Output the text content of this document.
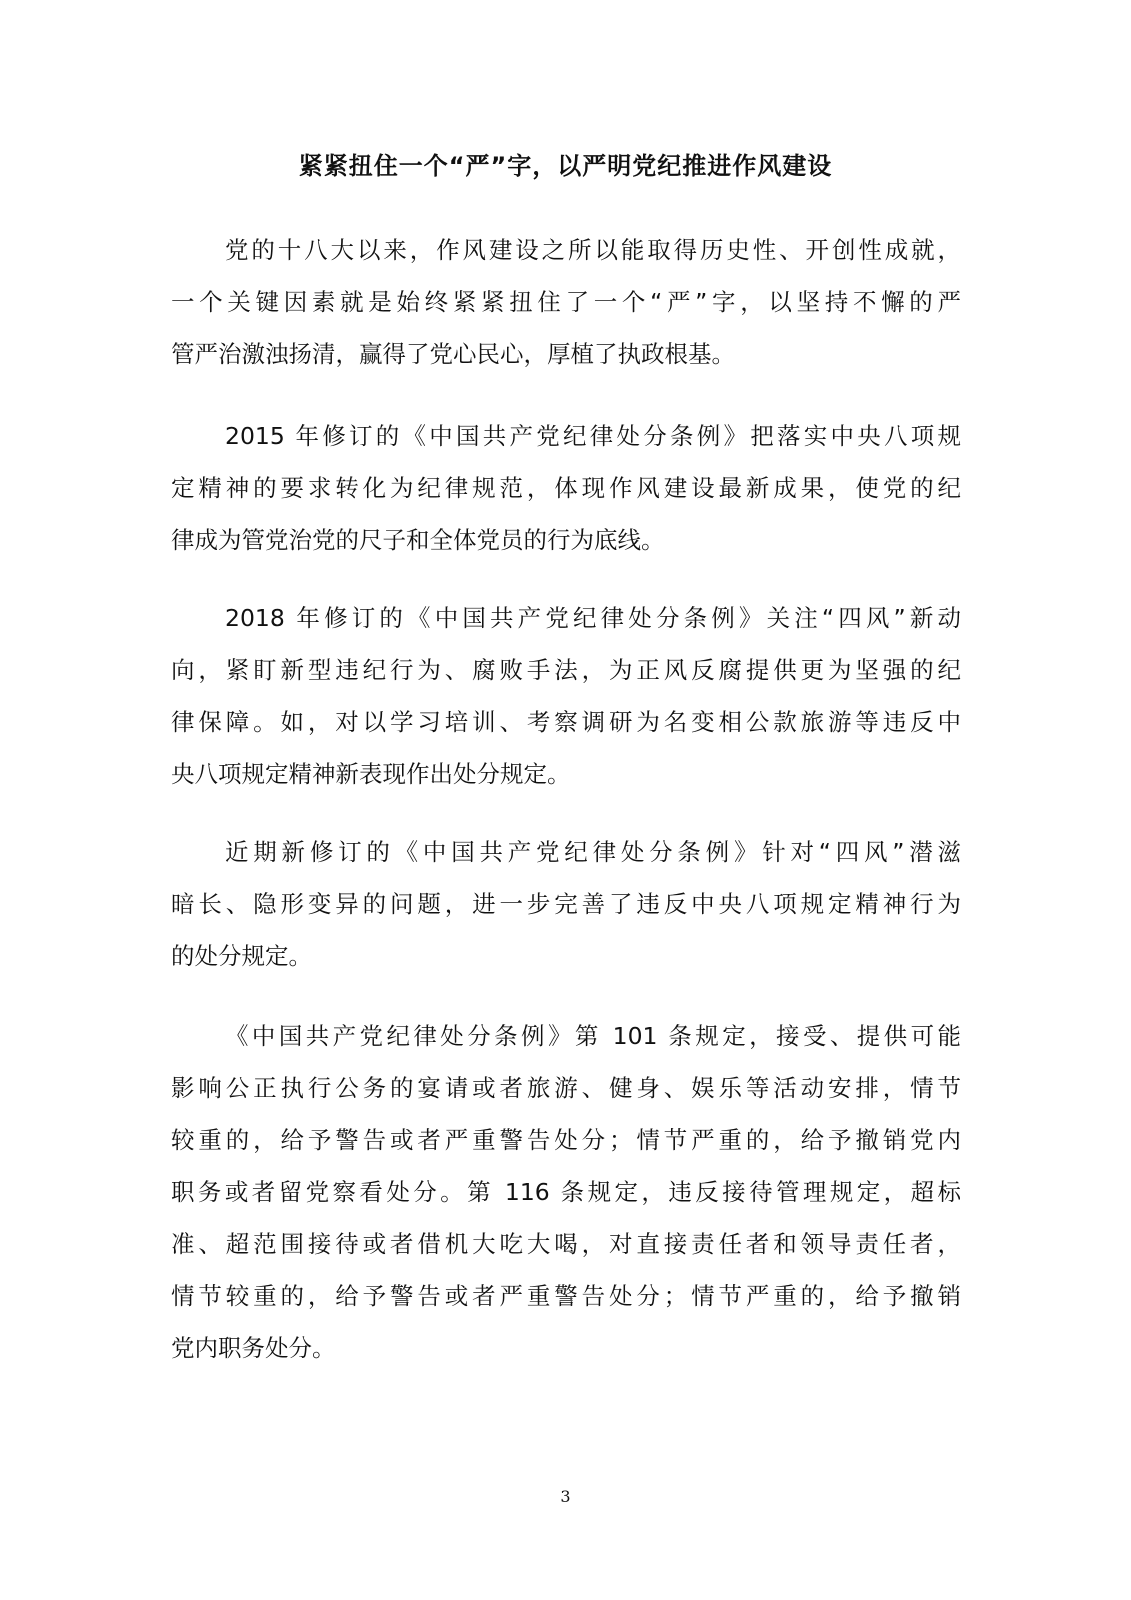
紧紧扭住一个“严”字，以严明党纪推进作风建设
党的十八大以来，作风建设之所以能取得历史性、开创性成就，
一个关键因素就是始终紧紧扭住了一个“严”字，以坚持不懈的严
管严治激浊扬清，赢得了党心民心，厚植了执政根基。
2015 年修订的《中国共产党纪律处分条例》把落实中央八项规
定精神的要求转化为纪律规范，体现作风建设最新成果，使党的纪
律成为管党治党的尺子和全体党员的行为底线。
2018 年修订的《中国共产党纪律处分条例》关注“四风”新动
向，紧盯新型违纪行为、腐败手法，为正风反腐提供更为坚强的纪
律保障。如，对以学习培训、考察调研为名变相公款旅游等违反中
央八项规定精神新表现作出处分规定。
近期新修订的《中国共产党纪律处分条例》针对“四风”潜滋
暗长、隐形变异的问题，进一步完善了违反中央八项规定精神行为
的处分规定。
《中国共产党纪律处分条例》第 101 条规定，接受、提供可能
影响公正执行公务的宴请或者旅游、健身、娱乐等活动安排，情节
较重的，给予警告或者严重警告处分；情节严重的，给予撤销党内
职务或者留党察看处分。第 116 条规定，违反接待管理规定，超标
准、超范围接待或者借机大吃大喝，对直接责任者和领导责任者，
情节较重的，给予警告或者严重警告处分；情节严重的，给予撤销
党内职务处分。
3
